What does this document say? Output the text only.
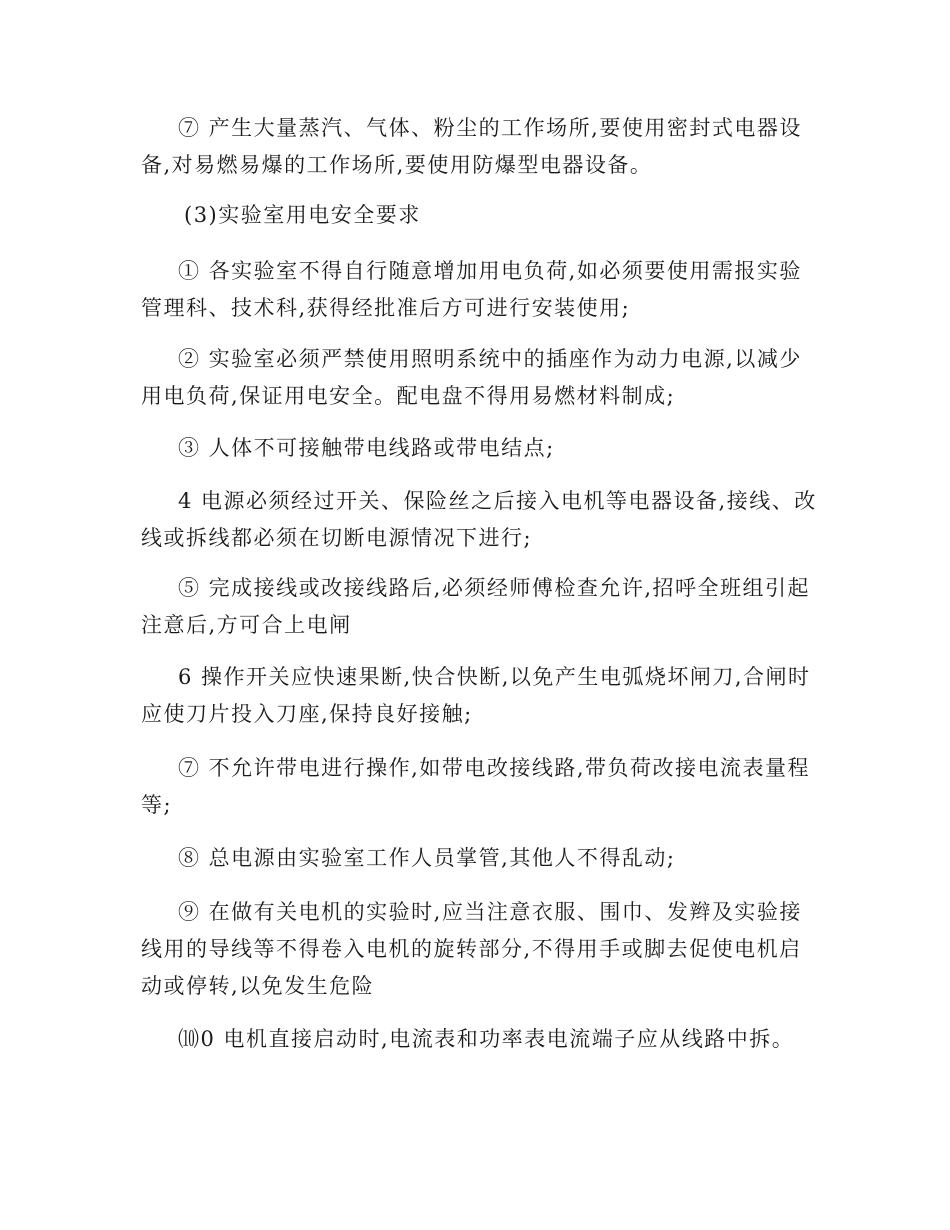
⑦ 产生大量蒸汽、气体、粉尘的工作场所,要使用密封式电器设备,对易燃易爆的工作场所,要使用防爆型电器设备。

(3)实验室用电安全要求

① 各实验室不得自行随意增加用电负荷,如必须要使用需报实验管理科、技术科,获得经批准后方可进行安装使用;

② 实验室必须严禁使用照明系统中的插座作为动力电源,以减少用电负荷,保证用电安全。配电盘不得用易燃材料制成;

③ 人体不可接触带电线路或带电结点;

4 电源必须经过开关、保险丝之后接入电机等电器设备,接线、改线或拆线都必须在切断电源情况下进行;

⑤ 完成接线或改接线路后,必须经师傅检查允许,招呼全班组引起注意后,方可合上电闸

6 操作开关应快速果断,快合快断,以免产生电弧烧坏闸刀,合闸时应使刀片投入刀座,保持良好接触;

⑦ 不允许带电进行操作,如带电改接线路,带负荷改接电流表量程等;

⑧ 总电源由实验室工作人员掌管,其他人不得乱动;

⑨ 在做有关电机的实验时,应当注意衣服、围巾、发辫及实验接线用的导线等不得卷入电机的旋转部分,不得用手或脚去促使电机启动或停转,以免发生危险

⑽0 电机直接启动时,电流表和功率表电流端子应从线路中拆。
